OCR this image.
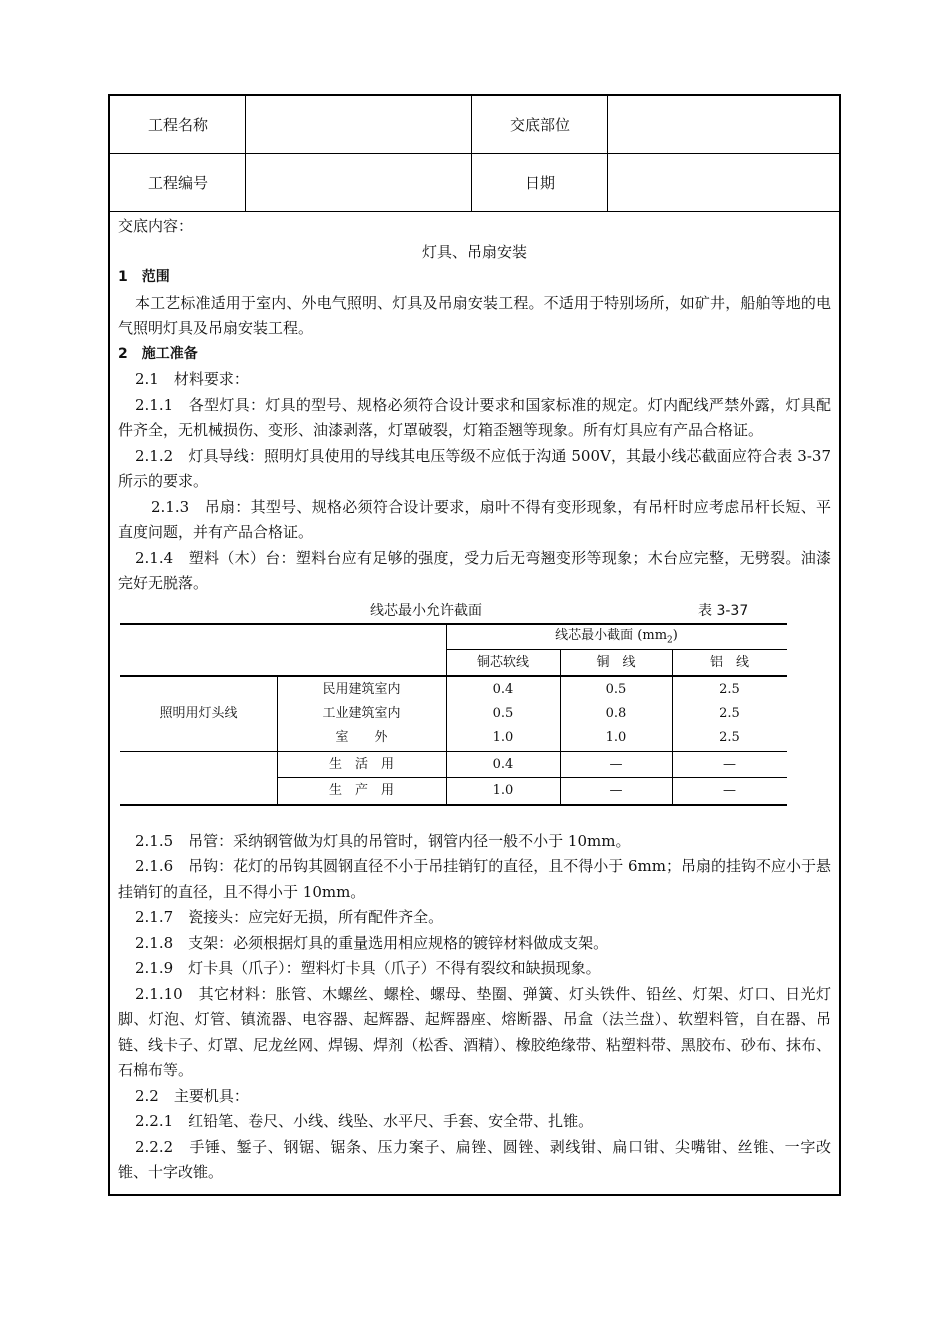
工程名称	交底部位
工程编号	日期

交底内容：

灯具、吊扇安装

1　范围

本工艺标准适用于室内、外电气照明、灯具及吊扇安装工程。不适用于特别场所，如矿井，船舶等地的电气照明灯具及吊扇安装工程。

2　施工准备

2.1　材料要求：

2.1.1　各型灯具：灯具的型号、规格必须符合设计要求和国家标准的规定。灯内配线严禁外露，灯具配件齐全，无机械损伤、变形、油漆剥落，灯罩破裂，灯箱歪翘等现象。所有灯具应有产品合格证。

2.1.2　灯具导线：照明灯具使用的导线其电压等级不应低于沟通 500V，其最小线芯截面应符合表 3-37 所示的要求。

2.1.3　吊扇：其型号、规格必须符合设计要求，扇叶不得有变形现象，有吊杆时应考虑吊杆长短、平直度问题，并有产品合格证。

2.1.4　塑料（木）台：塑料台应有足够的强度，受力后无弯翘变形等现象；木台应完整，无劈裂。油漆完好无脱落。

线芯最小允许截面	表 3-37
线芯最小截面 $(mm_2)$
铜芯软线	铜　线	铝　线
照明用灯头线
民用建筑室内	0.4	0.5	2.5
工业建筑室内	0.5	0.8	2.5
室　　外	1.0	1.0	2.5
生　活　用	0.4	—	—
生　产　用	1.0	—	—

2.1.5　吊管：采纳钢管做为灯具的吊管时，钢管内径一般不小于 10mm。

2.1.6　吊钩：花灯的吊钩其圆钢直径不小于吊挂销钉的直径，且不得小于 6mm；吊扇的挂钩不应小于悬挂销钉的直径，且不得小于 10mm。

2.1.7　瓷接头：应完好无损，所有配件齐全。

2.1.8　支架：必须根据灯具的重量选用相应规格的镀锌材料做成支架。

2.1.9　灯卡具（爪子）：塑料灯卡具（爪子）不得有裂纹和缺损现象。

2.1.10　其它材料：胀管、木螺丝、螺栓、螺母、垫圈、弹簧、灯头铁件、铅丝、灯架、灯口、日光灯脚、灯泡、灯管、镇流器、电容器、起辉器、起辉器座、熔断器、吊盒（法兰盘）、软塑料管，自在器、吊链、线卡子、灯罩、尼龙丝网、焊锡、焊剂（松香、酒精）、橡胶绝缘带、粘塑料带、黑胶布、砂布、抹布、石棉布等。

2.2　主要机具：

2.2.1　红铅笔、卷尺、小线、线坠、水平尺、手套、安全带、扎锥。

2.2.2　手锤、錾子、钢锯、锯条、压力案子、扁锉、圆锉、剥线钳、扁口钳、尖嘴钳、丝锥、一字改锥、十字改锥。
